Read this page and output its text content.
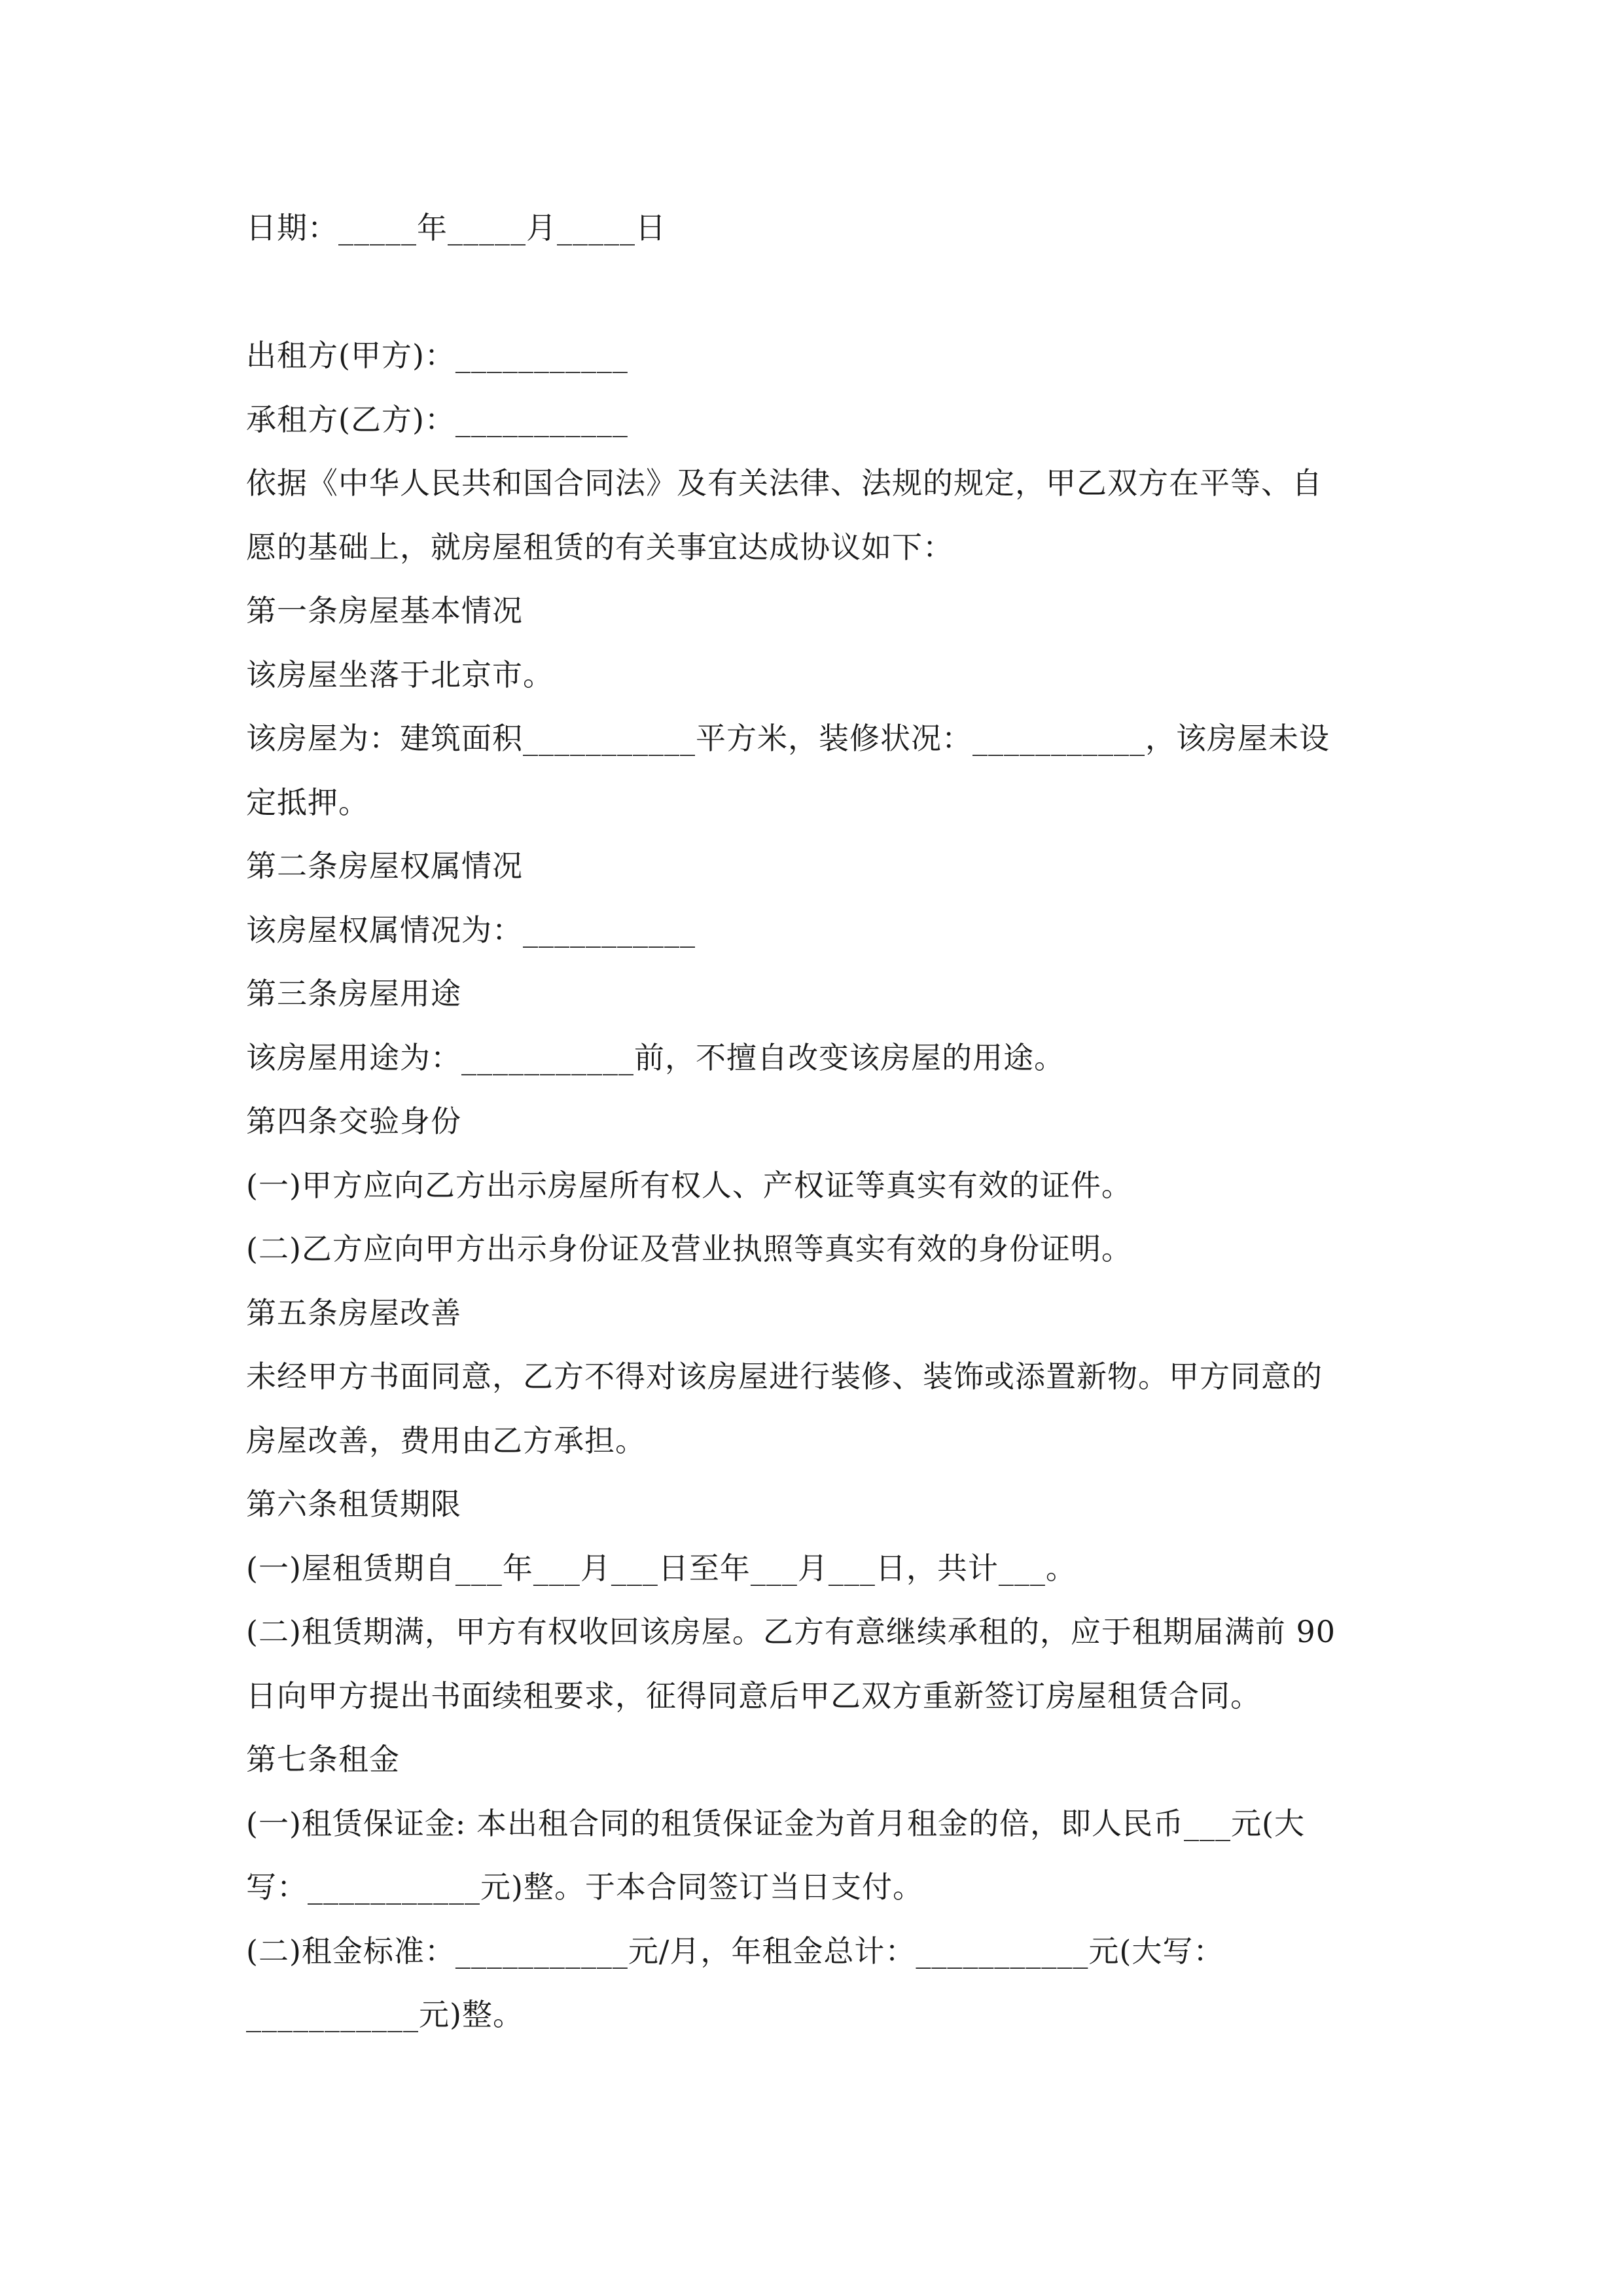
日期：_____年_____月_____日
出租方(甲方)：___________
承租方(乙方)：___________
依据《中华人民共和国合同法》及有关法律、法规的规定，甲乙双方在平等、自
愿的基础上，就房屋租赁的有关事宜达成协议如下：
第一条房屋基本情况
该房屋坐落于北京市。
该房屋为：建筑面积___________平方米，装修状况：___________，该房屋未设
定抵押。
第二条房屋权属情况
该房屋权属情况为：___________
第三条房屋用途
该房屋用途为：___________前，不擅自改变该房屋的用途。
第四条交验身份
(一)甲方应向乙方出示房屋所有权人、产权证等真实有效的证件。
(二)乙方应向甲方出示身份证及营业执照等真实有效的身份证明。
第五条房屋改善
未经甲方书面同意，乙方不得对该房屋进行装修、装饰或添置新物。甲方同意的
房屋改善，费用由乙方承担。
第六条租赁期限
(一)屋租赁期自___年___月___日至年___月___日，共计___。
(二)租赁期满，甲方有权收回该房屋。乙方有意继续承租的，应于租期届满前 90
日向甲方提出书面续租要求，征得同意后甲乙双方重新签订房屋租赁合同。
第七条租金
(一)租赁保证金: 本出租合同的租赁保证金为首月租金的倍，即人民币___元(大
写：___________元)整。于本合同签订当日支付。
(二)租金标准：___________元/月，年租金总计：___________元(大写：
___________元)整。
